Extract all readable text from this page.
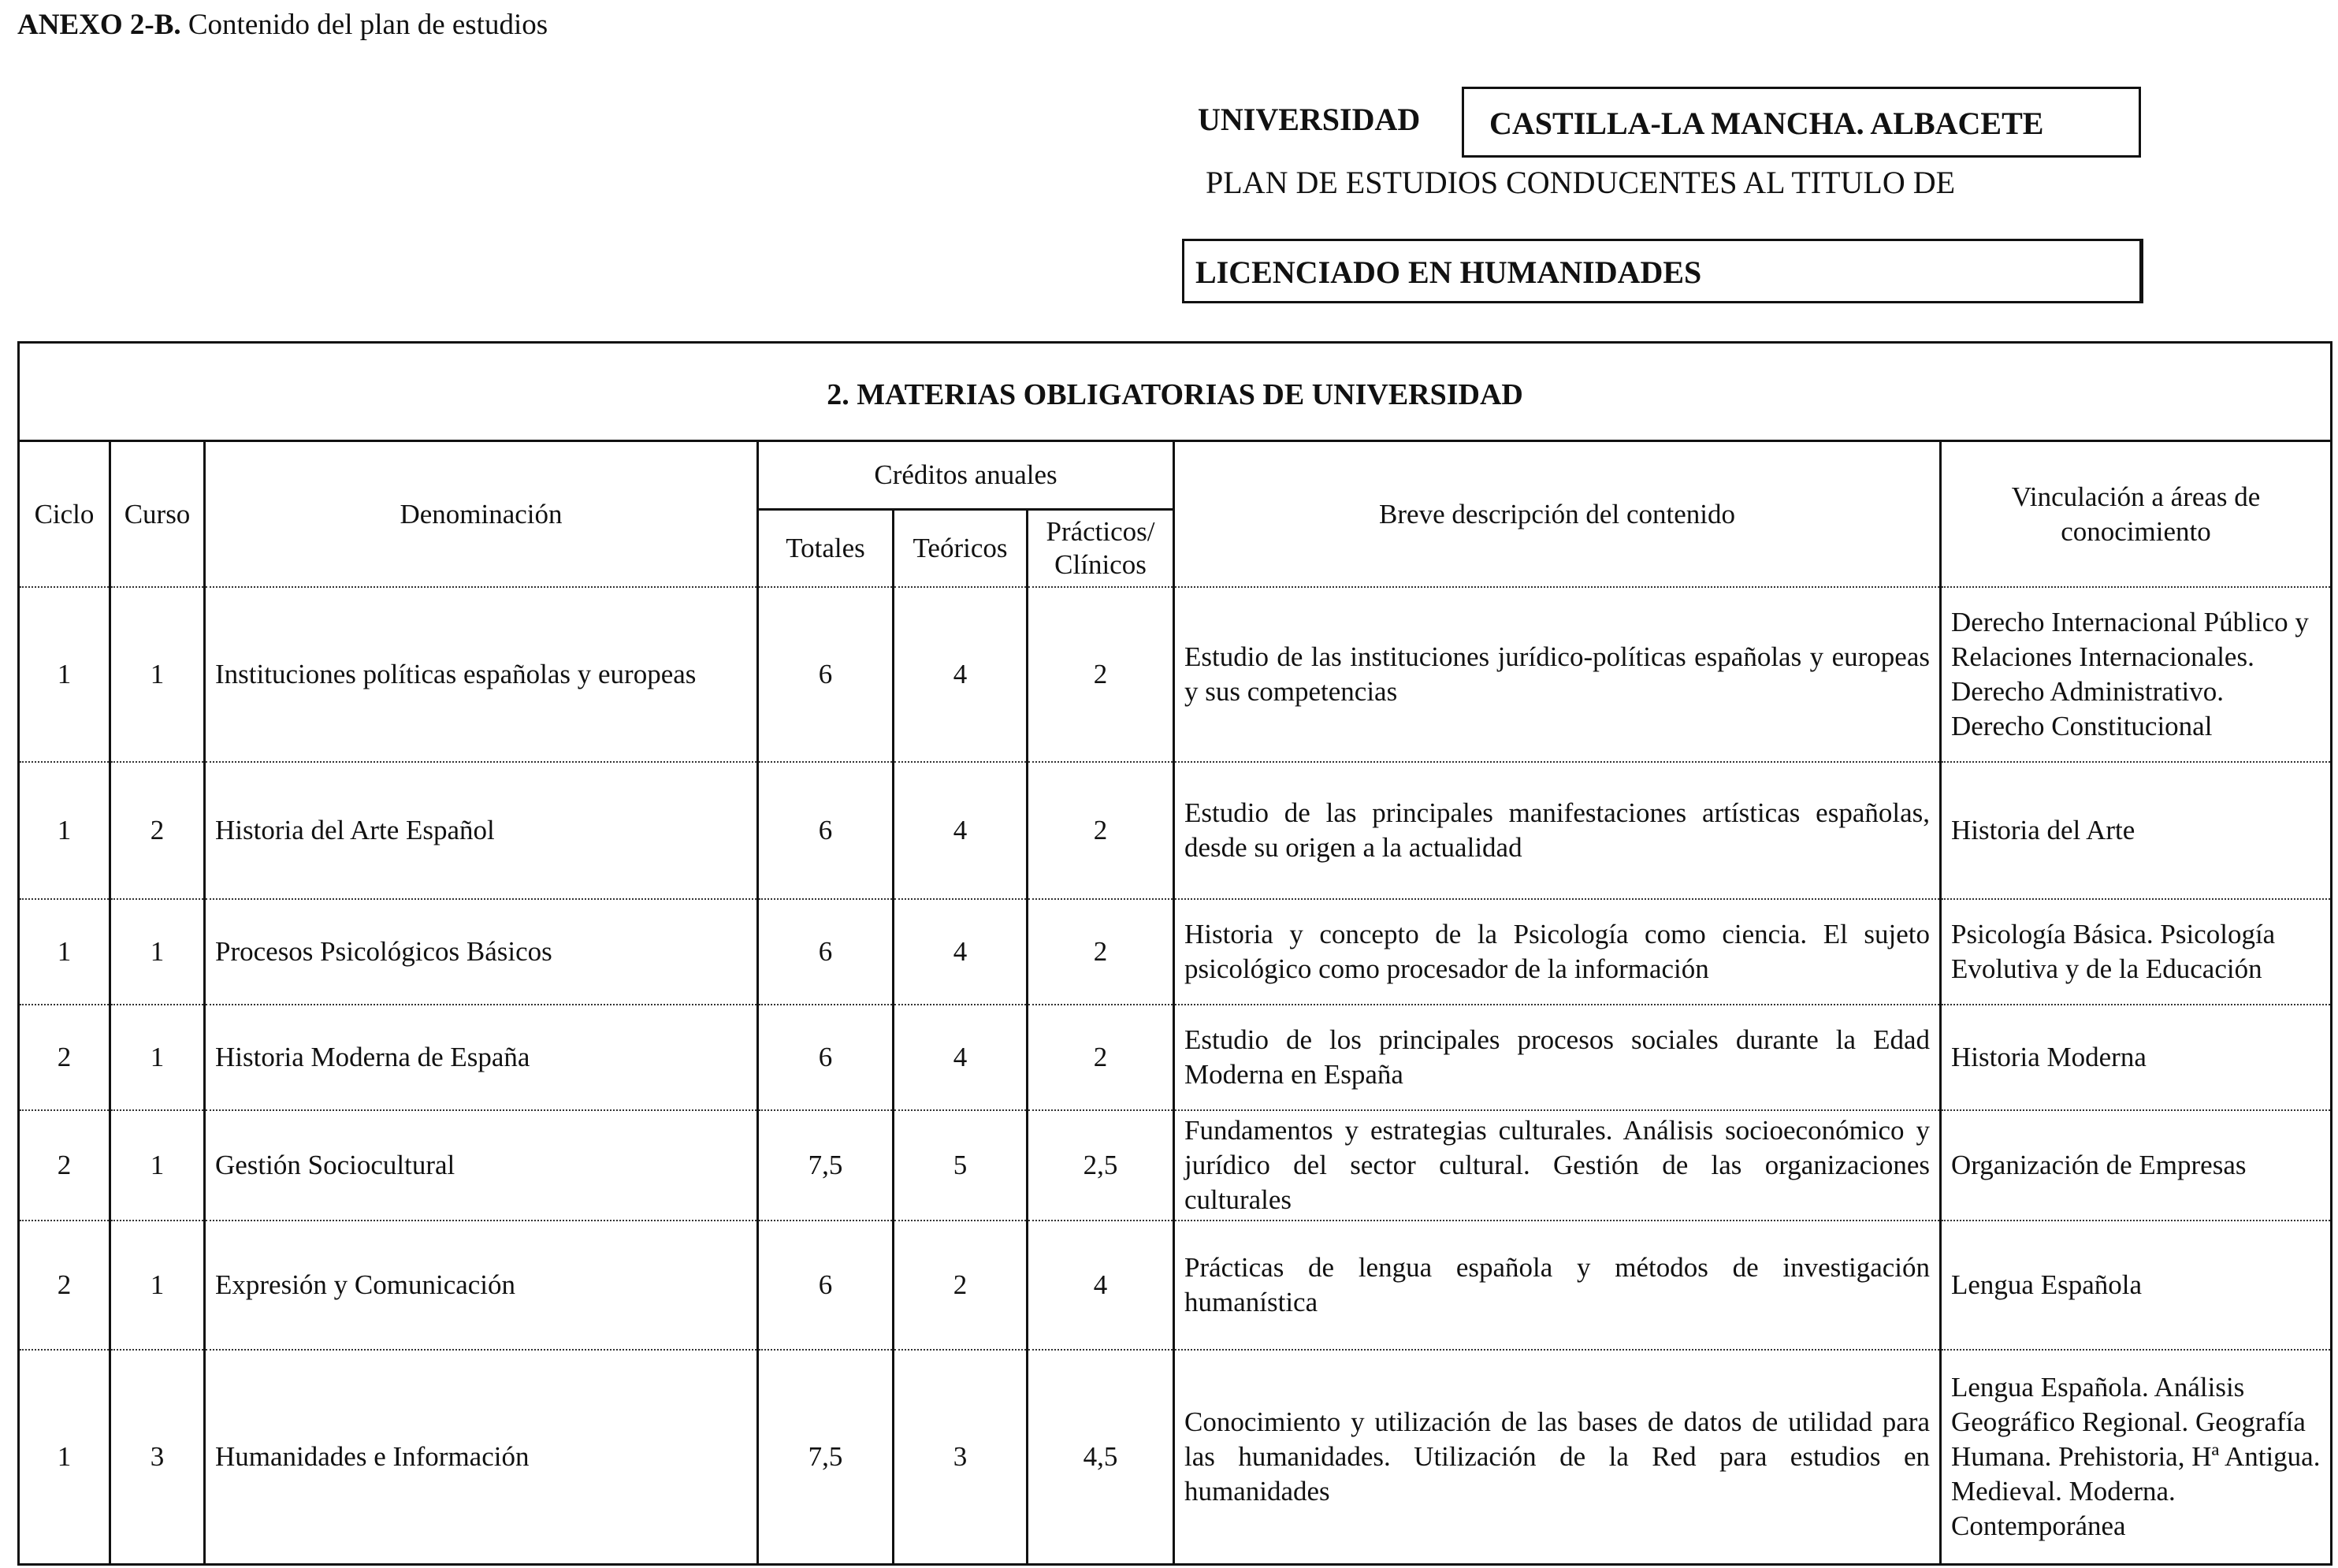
ANEXO 2-B. Contenido del plan de estudios
UNIVERSIDAD	CASTILLA-LA MANCHA. ALBACETE
PLAN DE ESTUDIOS CONDUCENTES AL TITULO DE
LICENCIADO EN HUMANIDADES
2. MATERIAS OBLIGATORIAS DE UNIVERSIDAD							
Ciclo	Curso	Denominación	Créditos anuales			Breve descripción del contenido	Vinculación a áreas de conocimiento
			Totales	Teóricos	Prácticos/ Clínicos		
1	1	Instituciones políticas españolas y europeas	6	4	2	Estudio de las instituciones jurídico-políticas españolas y europeas y sus competencias	Derecho Internacional Público y Relaciones Internacionales. Derecho Administrativo. Derecho Constitucional
1	2	Historia del Arte Español	6	4	2	Estudio de las principales manifestaciones artísticas españolas, desde su origen a la actualidad	Historia del Arte
1	1	Procesos Psicológicos Básicos	6	4	2	Historia y concepto de la Psicología como ciencia. El sujeto psicológico como procesador de la información	Psicología Básica. Psicología Evolutiva y de la Educación
2	1	Historia Moderna de España	6	4	2	Estudio de los principales procesos sociales durante la Edad Moderna en España	Historia Moderna
2	1	Gestión Sociocultural	7,5	5	2,5	Fundamentos y estrategias culturales. Análisis socioeconómico y jurídico del sector cultural. Gestión de las organizaciones culturales	Organización de Empresas
2	1	Expresión y Comunicación	6	2	4	Prácticas de lengua española y métodos de investigación humanística	Lengua Española
1	3	Humanidades e Información	7,5	3	4,5	Conocimiento y utilización de las bases de datos de utilidad para las humanidades. Utilización de la Red para estudios en humanidades	Lengua Española. Análisis Geográfico Regional. Geografía Humana. Prehistoria, Hª Antigua. Medieval. Moderna. Contemporánea
